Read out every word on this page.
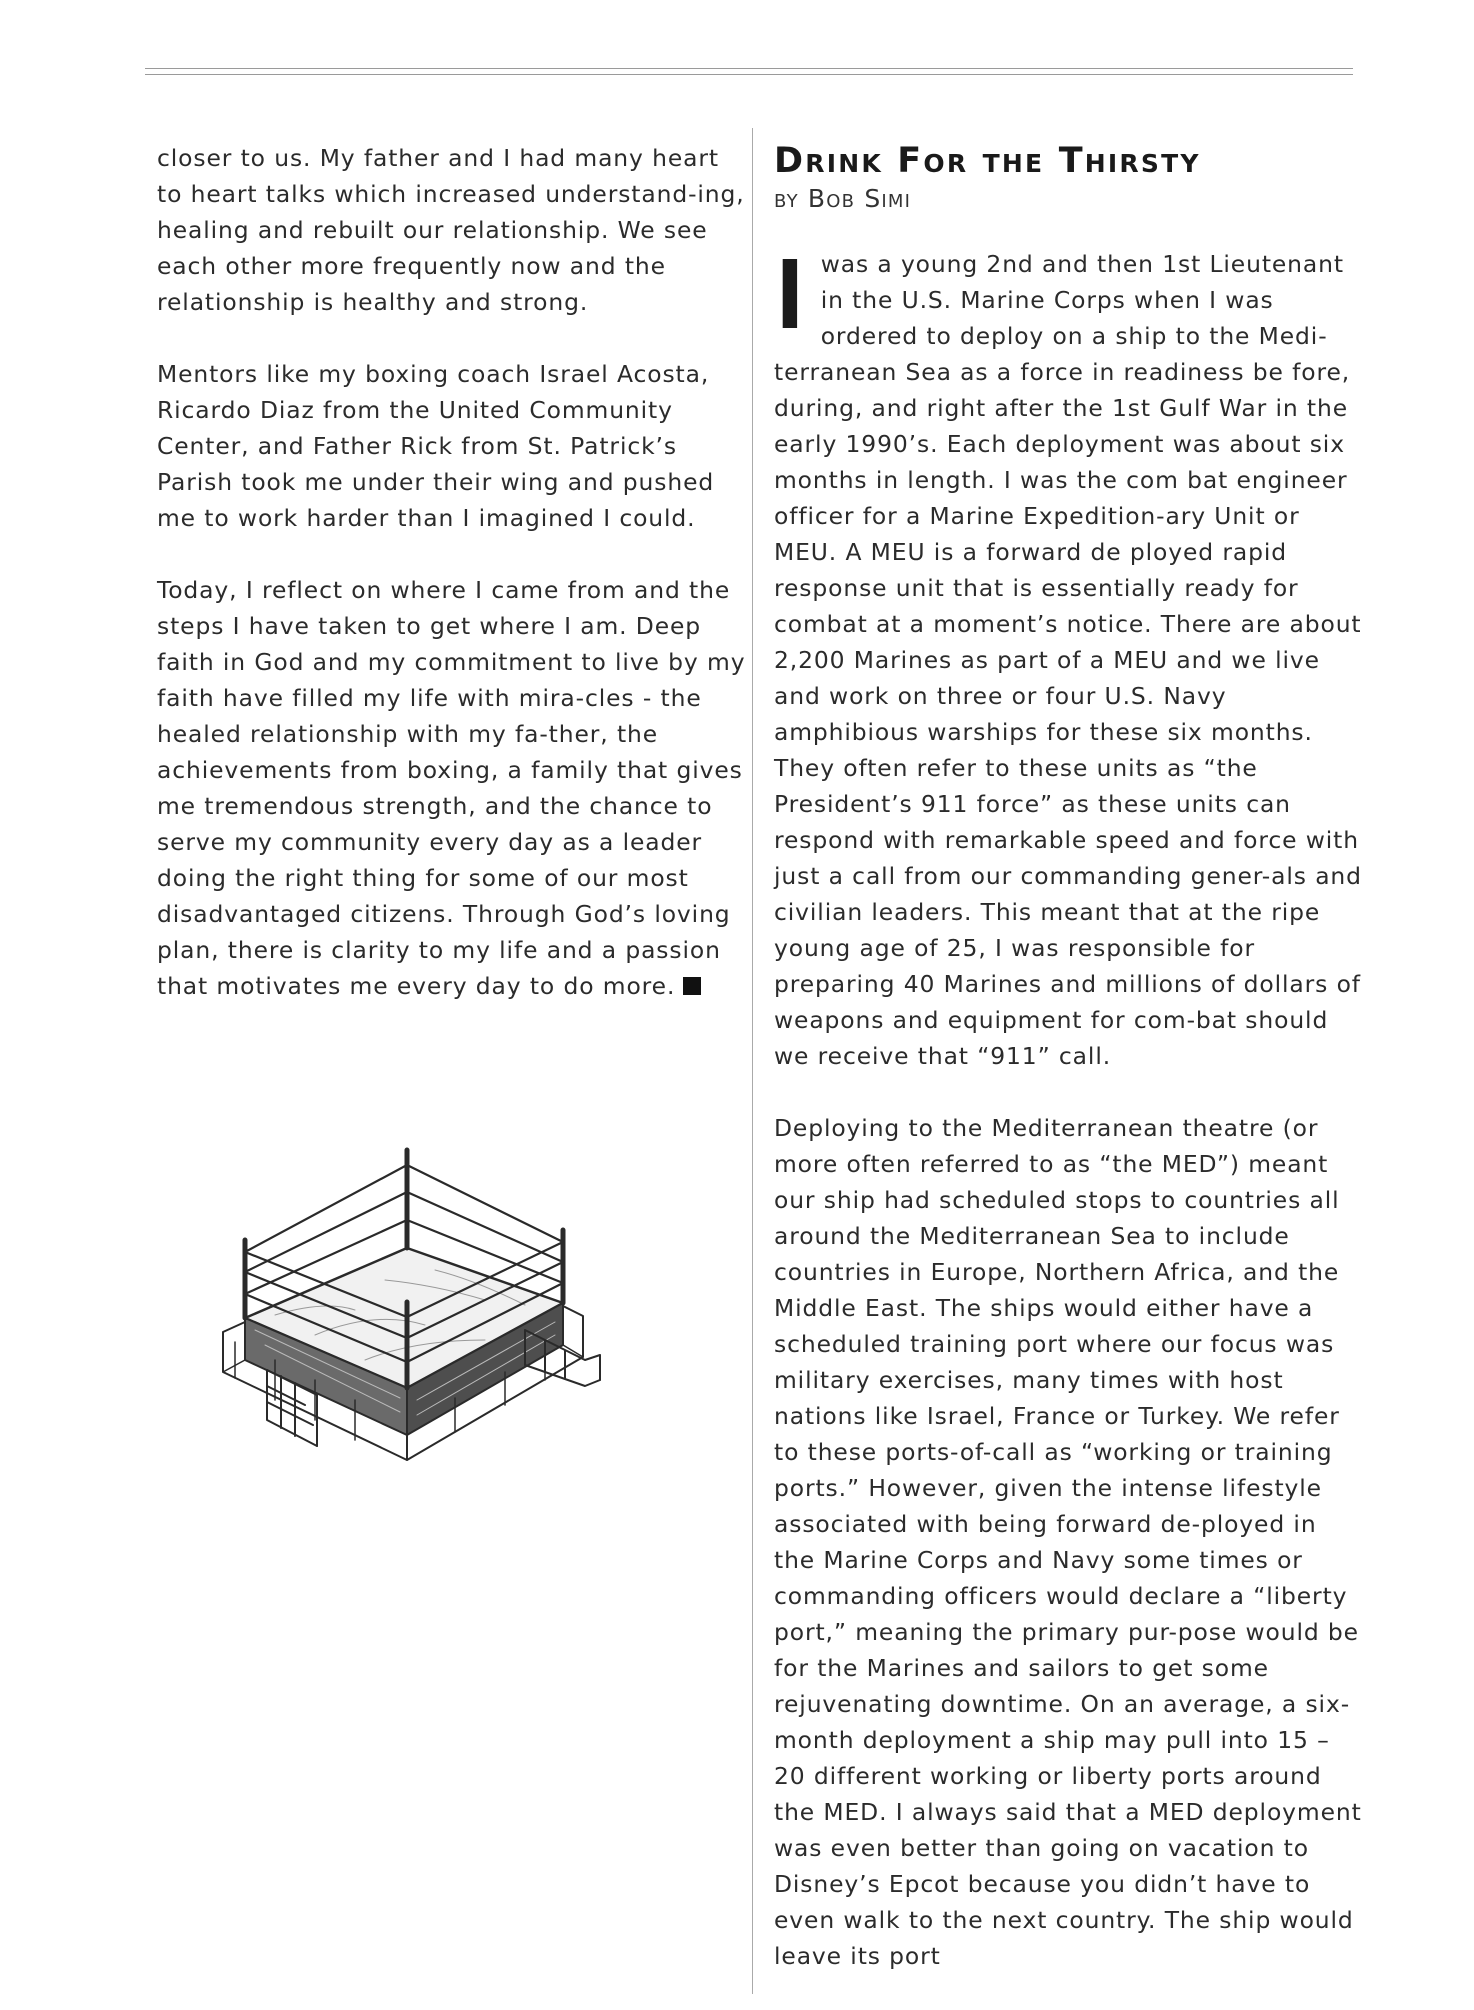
closer to us. My father and I had many heart to heart talks which increased understand-ing, healing and rebuilt our relationship. We see each other more frequently now and the relationship is healthy and strong.

Mentors like my boxing coach Israel Acosta, Ricardo Diaz from the United Community Center, and Father Rick from St. Patrick’s Parish took me under their wing and pushed me to work harder than I imagined I could.

Today, I reflect on where I came from and the steps I have taken to get where I am. Deep faith in God and my commitment to live by my faith have filled my life with mira-cles - the healed relationship with my fa-ther, the achievements from boxing, a family that gives me tremendous strength, and the chance to serve my community every day as a leader doing the right thing for some of our most disadvantaged citizens. Through God’s loving plan, there is clarity to my life and a passion that motivates me every day to do more.

Drink For the Thirsty
by Bob Simi

Iwas a young 2nd and then 1st Lieutenant in the U.S. Marine Corps when I was ordered to deploy on a ship to the Medi-terranean Sea as a force in readiness be fore, during, and right after the 1st Gulf War in the early 1990’s. Each deployment was about six months in length. I was the com bat engineer officer for a Marine Expedition-ary Unit or MEU. A MEU is a forward de ployed rapid response unit that is essentially ready for combat at a moment’s notice. There are about 2,200 Marines as part of a MEU and we live and work on three or four U.S. Navy amphibious warships for these six months. They often refer to these units as “the President’s 911 force” as these units can respond with remarkable speed and force with just a call from our commanding gener-als and civilian leaders. This meant that at the ripe young age of 25, I was responsible for preparing 40 Marines and millions of dollars of weapons and equipment for com-bat should we receive that “911” call.

Deploying to the Mediterranean theatre (or more often referred to as “the MED”) meant our ship had scheduled stops to countries all around the Mediterranean Sea to include countries in Europe, Northern Africa, and the Middle East. The ships would either have a scheduled training port where our focus was military exercises, many times with host nations like Israel, France or Turkey. We refer to these ports-of-call as “working or training ports.” However, given the intense lifestyle associated with being forward de-ployed in the Marine Corps and Navy some times or commanding officers would declare a “liberty port,” meaning the primary pur-pose would be for the Marines and sailors to get some rejuvenating downtime. On an average, a six-month deployment a ship may pull into 15 – 20 different working or liberty ports around the MED. I always said that a MED deployment was even better than going on vacation to Disney’s Epcot because you didn’t have to even walk to the next country. The ship would leave its port
